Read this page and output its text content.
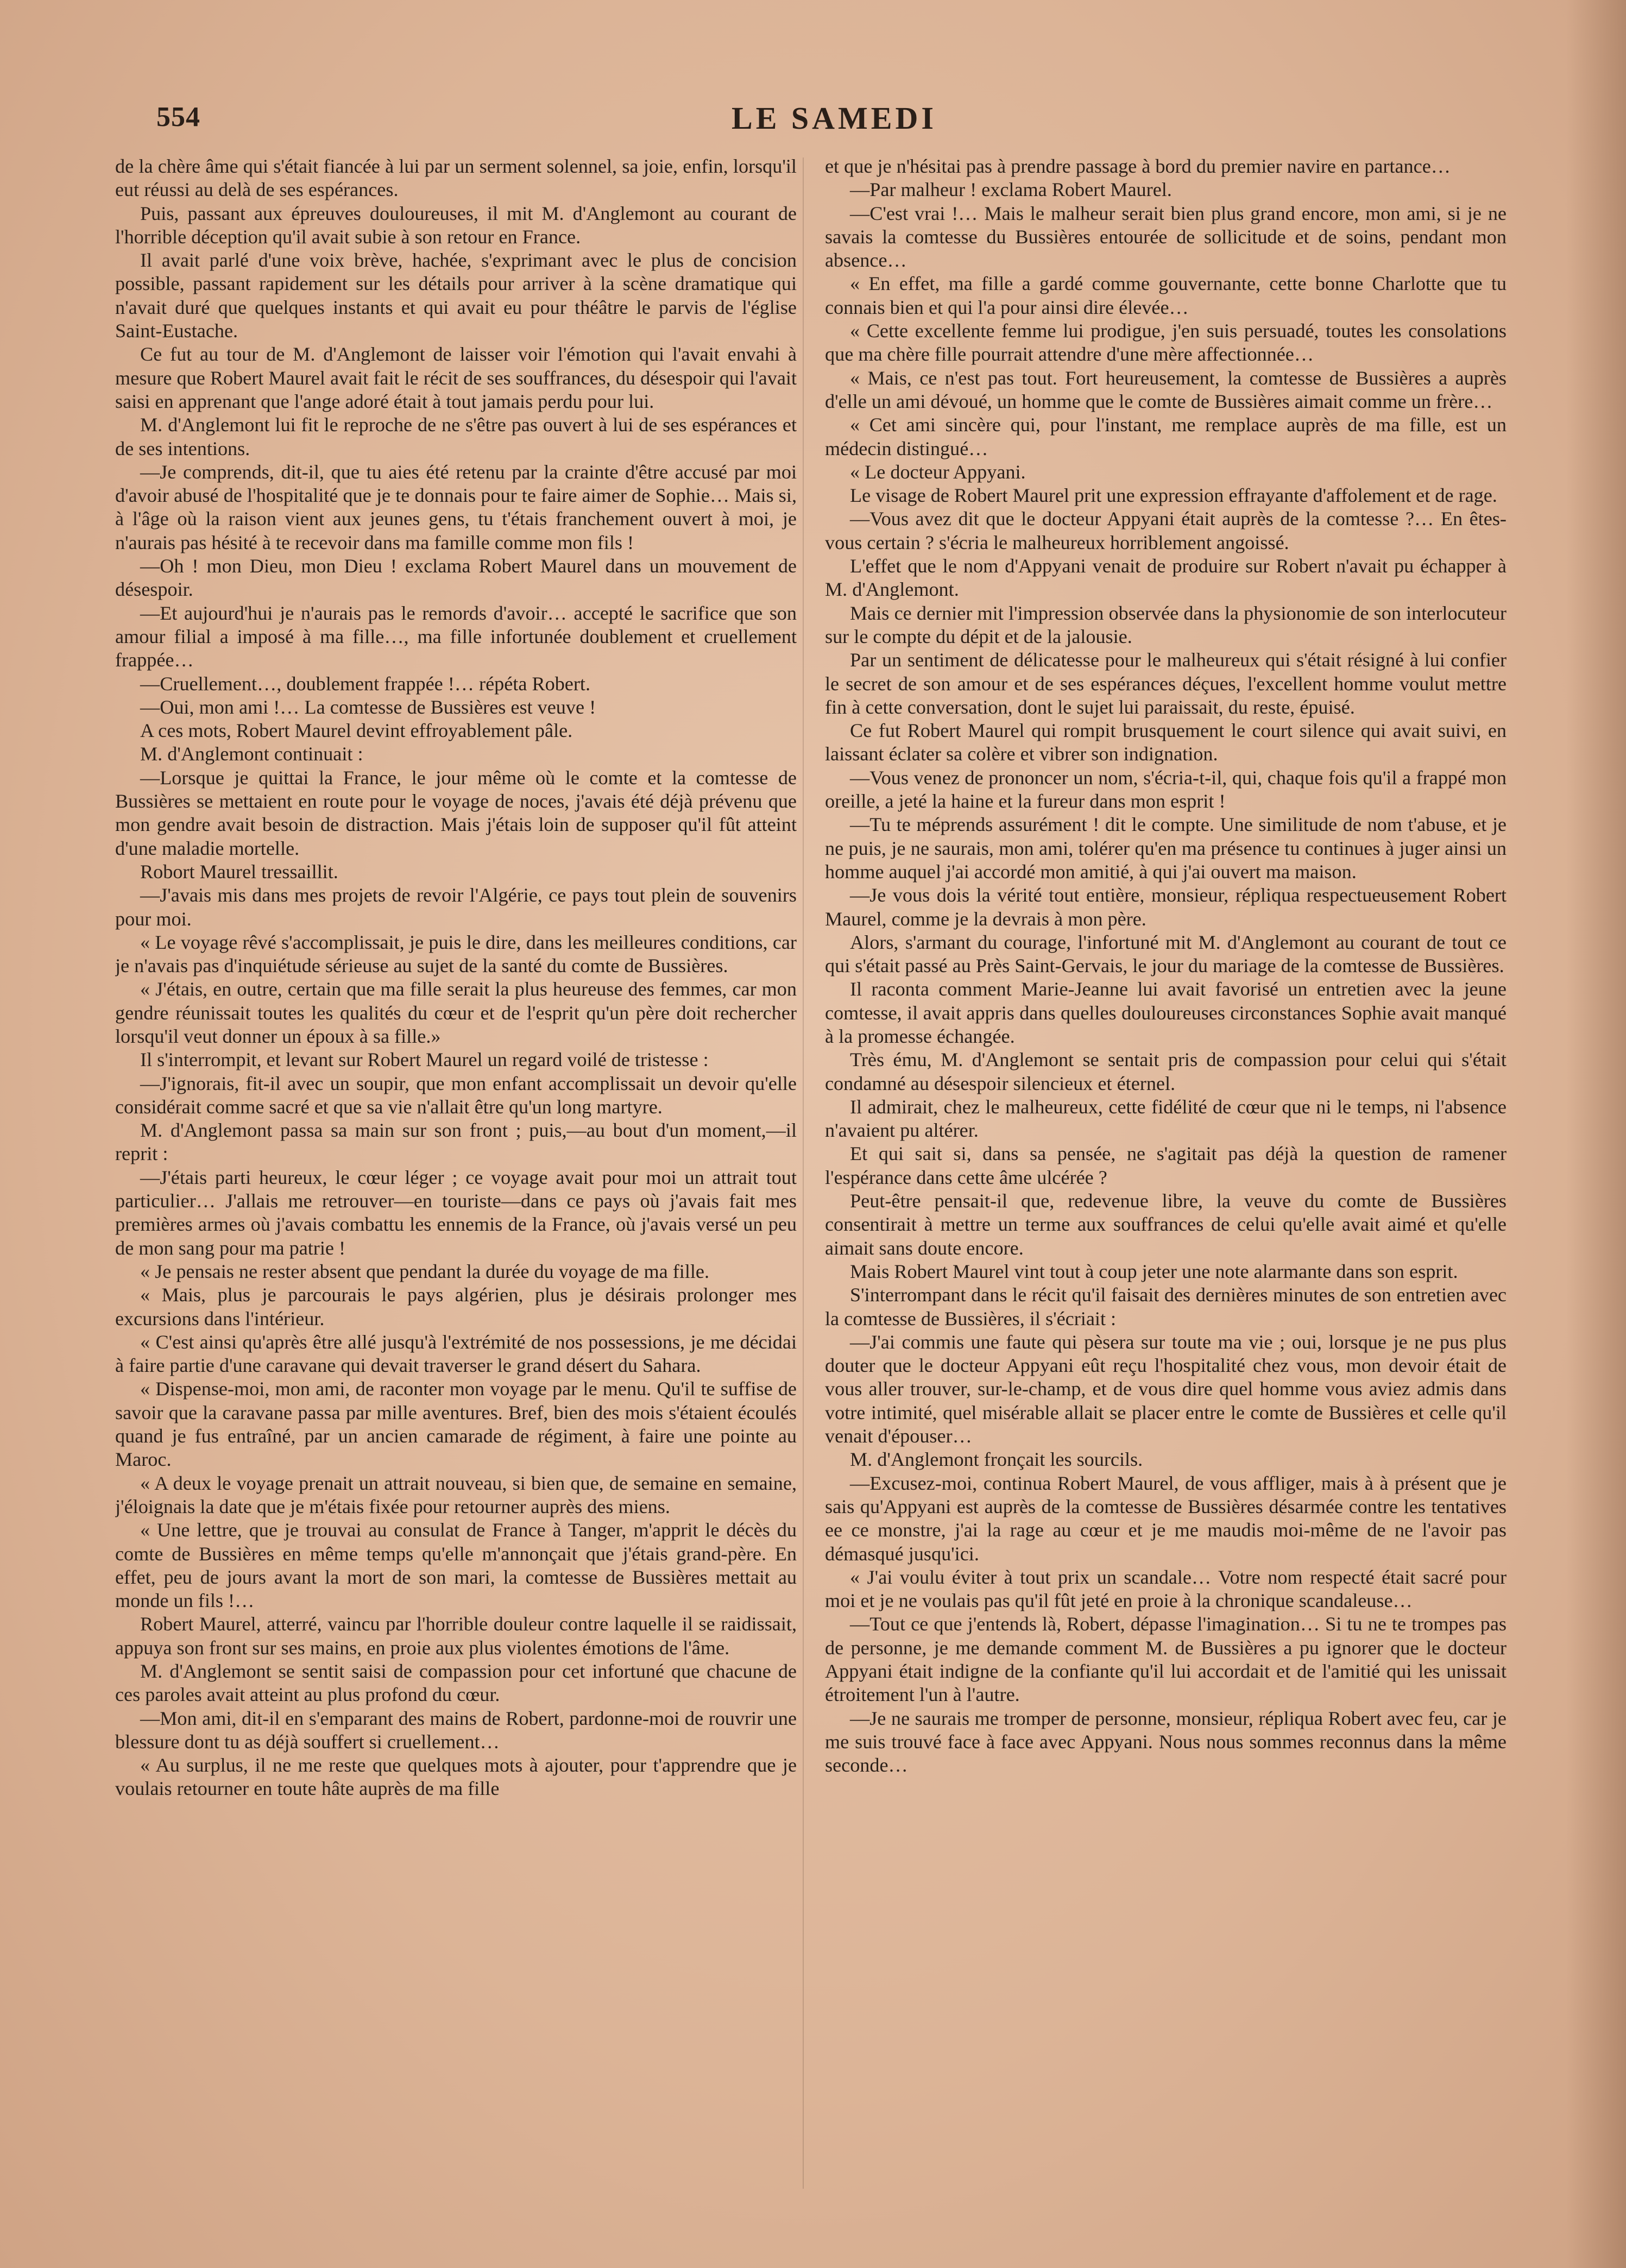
554	LE SAMEDI

de la chère âme qui s'était fiancée à lui par un serment solennel, sa joie, enfin, lorsqu'il eut réussi au delà de ses espérances.

Puis, passant aux épreuves douloureuses, il mit M. d'Anglemont au courant de l'horrible déception qu'il avait subie à son retour en France.

Il avait parlé d'une voix brève, hachée, s'exprimant avec le plus de concision possible, passant rapidement sur les détails pour arriver à la scène dramatique qui n'avait duré que quelques instants et qui avait eu pour théâtre le parvis de l'église Saint-Eustache.

Ce fut au tour de M. d'Anglemont de laisser voir l'émotion qui l'avait envahi à mesure que Robert Maurel avait fait le récit de ses souffrances, du désespoir qui l'avait saisi en apprenant que l'ange adoré était à tout jamais perdu pour lui.

M. d'Anglemont lui fit le reproche de ne s'être pas ouvert à lui de ses espérances et de ses intentions.

—Je comprends, dit-il, que tu aies été retenu par la crainte d'être accusé par moi d'avoir abusé de l'hospitalité que je te donnais pour te faire aimer de Sophie… Mais si, à l'âge où la raison vient aux jeunes gens, tu t'étais franchement ouvert à moi, je n'aurais pas hésité à te recevoir dans ma famille comme mon fils !

—Oh ! mon Dieu, mon Dieu ! exclama Robert Maurel dans un mouvement de désespoir.

—Et aujourd'hui je n'aurais pas le remords d'avoir… accepté le sacrifice que son amour filial a imposé à ma fille…, ma fille infortunée doublement et cruellement frappée…

—Cruellement…, doublement frappée !… répéta Robert.

—Oui, mon ami !… La comtesse de Bussières est veuve !

A ces mots, Robert Maurel devint effroyablement pâle.

M. d'Anglemont continuait :

—Lorsque je quittai la France, le jour même où le comte et la comtesse de Bussières se mettaient en route pour le voyage de noces, j'avais été déjà prévenu que mon gendre avait besoin de distraction. Mais j'étais loin de supposer qu'il fût atteint d'une maladie mortelle.

Robort Maurel tressaillit.

—J'avais mis dans mes projets de revoir l'Algérie, ce pays tout plein de souvenirs pour moi.

« Le voyage rêvé s'accomplissait, je puis le dire, dans les meilleures conditions, car je n'avais pas d'inquiétude sérieuse au sujet de la santé du comte de Bussières.

« J'étais, en outre, certain que ma fille serait la plus heureuse des femmes, car mon gendre réunissait toutes les qualités du cœur et de l'esprit qu'un père doit rechercher lorsqu'il veut donner un époux à sa fille.»

Il s'interrompit, et levant sur Robert Maurel un regard voilé de tristesse :

—J'ignorais, fit-il avec un soupir, que mon enfant accomplissait un devoir qu'elle considérait comme sacré et que sa vie n'allait être qu'un long martyre.

M. d'Anglemont passa sa main sur son front ; puis,—au bout d'un moment,—il reprit :

—J'étais parti heureux, le cœur léger ; ce voyage avait pour moi un attrait tout particulier… J'allais me retrouver—en touriste—dans ce pays où j'avais fait mes premières armes où j'avais combattu les ennemis de la France, où j'avais versé un peu de mon sang pour ma patrie !

« Je pensais ne rester absent que pendant la durée du voyage de ma fille.

« Mais, plus je parcourais le pays algérien, plus je désirais prolonger mes excursions dans l'intérieur.

« C'est ainsi qu'après être allé jusqu'à l'extrémité de nos possessions, je me décidai à faire partie d'une caravane qui devait traverser le grand désert du Sahara.

« Dispense-moi, mon ami, de raconter mon voyage par le menu. Qu'il te suffise de savoir que la caravane passa par mille aventures. Bref, bien des mois s'étaient écoulés quand je fus entraîné, par un ancien camarade de régiment, à faire une pointe au Maroc.

« A deux le voyage prenait un attrait nouveau, si bien que, de semaine en semaine, j'éloignais la date que je m'étais fixée pour retourner auprès des miens.

« Une lettre, que je trouvai au consulat de France à Tanger, m'apprit le décès du comte de Bussières en même temps qu'elle m'annonçait que j'étais grand-père. En effet, peu de jours avant la mort de son mari, la comtesse de Bussières mettait au monde un fils !…

Robert Maurel, atterré, vaincu par l'horrible douleur contre laquelle il se raidissait, appuya son front sur ses mains, en proie aux plus violentes émotions de l'âme.

M. d'Anglemont se sentit saisi de compassion pour cet infortuné que chacune de ces paroles avait atteint au plus profond du cœur.

—Mon ami, dit-il en s'emparant des mains de Robert, pardonne-moi de rouvrir une blessure dont tu as déjà souffert si cruellement…

« Au surplus, il ne me reste que quelques mots à ajouter, pour t'apprendre que je voulais retourner en toute hâte auprès de ma fille

et que je n'hésitai pas à prendre passage à bord du premier navire en partance…

—Par malheur ! exclama Robert Maurel.

—C'est vrai !… Mais le malheur serait bien plus grand encore, mon ami, si je ne savais la comtesse du Bussières entourée de sollicitude et de soins, pendant mon absence…

« En effet, ma fille a gardé comme gouvernante, cette bonne Charlotte que tu connais bien et qui l'a pour ainsi dire élevée…

« Cette excellente femme lui prodigue, j'en suis persuadé, toutes les consolations que ma chère fille pourrait attendre d'une mère affectionnée…

« Mais, ce n'est pas tout. Fort heureusement, la comtesse de Bussières a auprès d'elle un ami dévoué, un homme que le comte de Bussières aimait comme un frère…

« Cet ami sincère qui, pour l'instant, me remplace auprès de ma fille, est un médecin distingué…

« Le docteur Appyani.

Le visage de Robert Maurel prit une expression effrayante d'affolement et de rage.

—Vous avez dit que le docteur Appyani était auprès de la comtesse ?… En êtes-vous certain ? s'écria le malheureux horriblement angoissé.

L'effet que le nom d'Appyani venait de produire sur Robert n'avait pu échapper à M. d'Anglemont.

Mais ce dernier mit l'impression observée dans la physionomie de son interlocuteur sur le compte du dépit et de la jalousie.

Par un sentiment de délicatesse pour le malheureux qui s'était résigné à lui confier le secret de son amour et de ses espérances déçues, l'excellent homme voulut mettre fin à cette conversation, dont le sujet lui paraissait, du reste, épuisé.

Ce fut Robert Maurel qui rompit brusquement le court silence qui avait suivi, en laissant éclater sa colère et vibrer son indignation.

—Vous venez de prononcer un nom, s'écria-t-il, qui, chaque fois qu'il a frappé mon oreille, a jeté la haine et la fureur dans mon esprit !

—Tu te méprends assurément ! dit le compte. Une similitude de nom t'abuse, et je ne puis, je ne saurais, mon ami, tolérer qu'en ma présence tu continues à juger ainsi un homme auquel j'ai accordé mon amitié, à qui j'ai ouvert ma maison.

—Je vous dois la vérité tout entière, monsieur, répliqua respectueusement Robert Maurel, comme je la devrais à mon père.

Alors, s'armant du courage, l'infortuné mit M. d'Anglemont au courant de tout ce qui s'était passé au Près Saint-Gervais, le jour du mariage de la comtesse de Bussières.

Il raconta comment Marie-Jeanne lui avait favorisé un entretien avec la jeune comtesse, il avait appris dans quelles douloureuses circonstances Sophie avait manqué à la promesse échangée.

Très ému, M. d'Anglemont se sentait pris de compassion pour celui qui s'était condamné au désespoir silencieux et éternel.

Il admirait, chez le malheureux, cette fidélité de cœur que ni le temps, ni l'absence n'avaient pu altérer.

Et qui sait si, dans sa pensée, ne s'agitait pas déjà la question de ramener l'espérance dans cette âme ulcérée ?

Peut-être pensait-il que, redevenue libre, la veuve du comte de Bussières consentirait à mettre un terme aux souffrances de celui qu'elle avait aimé et qu'elle aimait sans doute encore.

Mais Robert Maurel vint tout à coup jeter une note alarmante dans son esprit.

S'interrompant dans le récit qu'il faisait des dernières minutes de son entretien avec la comtesse de Bussières, il s'écriait :

—J'ai commis une faute qui pèsera sur toute ma vie ; oui, lorsque je ne pus plus douter que le docteur Appyani eût reçu l'hospitalité chez vous, mon devoir était de vous aller trouver, sur-le-champ, et de vous dire quel homme vous aviez admis dans votre intimité, quel misérable allait se placer entre le comte de Bussières et celle qu'il venait d'épouser…

M. d'Anglemont fronçait les sourcils.

—Excusez-moi, continua Robert Maurel, de vous affliger, mais à à présent que je sais qu'Appyani est auprès de la comtesse de Bussières désarmée contre les tentatives ee ce monstre, j'ai la rage au cœur et je me maudis moi-même de ne l'avoir pas démasqué jusqu'ici.

« J'ai voulu éviter à tout prix un scandale… Votre nom respecté était sacré pour moi et je ne voulais pas qu'il fût jeté en proie à la chronique scandaleuse…

—Tout ce que j'entends là, Robert, dépasse l'imagination… Si tu ne te trompes pas de personne, je me demande comment M. de Bussières a pu ignorer que le docteur Appyani était indigne de la confiante qu'il lui accordait et de l'amitié qui les unissait étroitement l'un à l'autre.

—Je ne saurais me tromper de personne, monsieur, répliqua Robert avec feu, car je me suis trouvé face à face avec Appyani. Nous nous sommes reconnus dans la même seconde…
